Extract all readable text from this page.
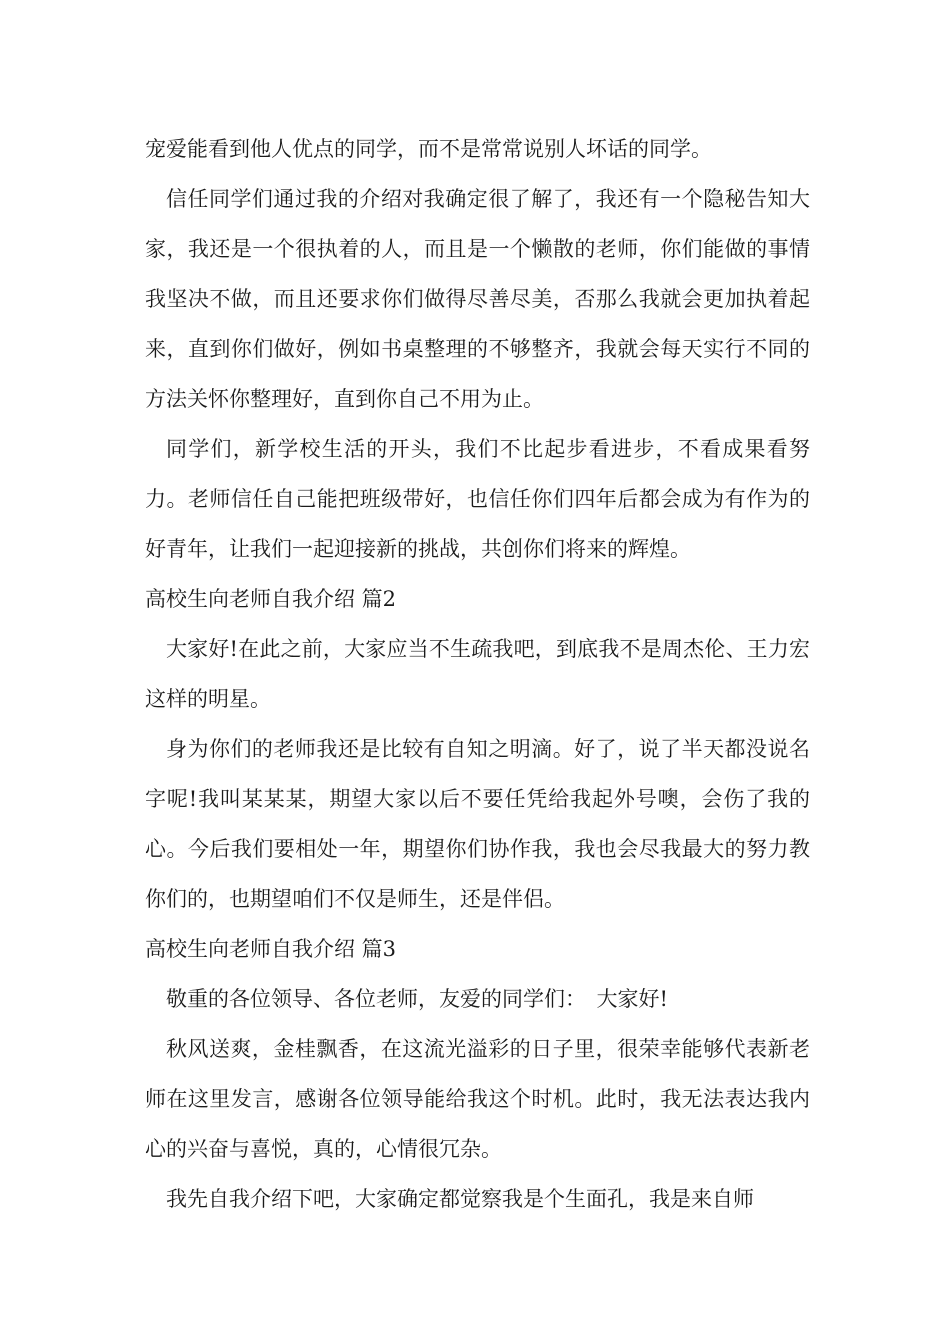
宠爱能看到他人优点的同学，而不是常常说别人坏话的同学。

信任同学们通过我的介绍对我确定很了解了，我还有一个隐秘告知大家，我还是一个很执着的人，而且是一个懒散的老师，你们能做的事情我坚决不做，而且还要求你们做得尽善尽美，否那么我就会更加执着起来，直到你们做好，例如书桌整理的不够整齐，我就会每天实行不同的方法关怀你整理好，直到你自己不用为止。

同学们，新学校生活的开头，我们不比起步看进步，不看成果看努力。老师信任自己能把班级带好，也信任你们四年后都会成为有作为的好青年，让我们一起迎接新的挑战，共创你们将来的辉煌。

高校生向老师自我介绍 篇2

大家好!在此之前，大家应当不生疏我吧，到底我不是周杰伦、王力宏这样的明星。

身为你们的老师我还是比较有自知之明滴。好了，说了半天都没说名字呢!我叫某某某，期望大家以后不要任凭给我起外号噢，会伤了我的心。今后我们要相处一年，期望你们协作我，我也会尽我最大的努力教你们的，也期望咱们不仅是师生，还是伴侣。

高校生向老师自我介绍 篇3

敬重的各位领导、各位老师，友爱的同学们：　大家好!

秋风送爽，金桂飘香，在这流光溢彩的日子里，很荣幸能够代表新老师在这里发言，感谢各位领导能给我这个时机。此时，我无法表达我内心的兴奋与喜悦，真的，心情很冗杂。

我先自我介绍下吧，大家确定都觉察我是个生面孔，我是来自师
